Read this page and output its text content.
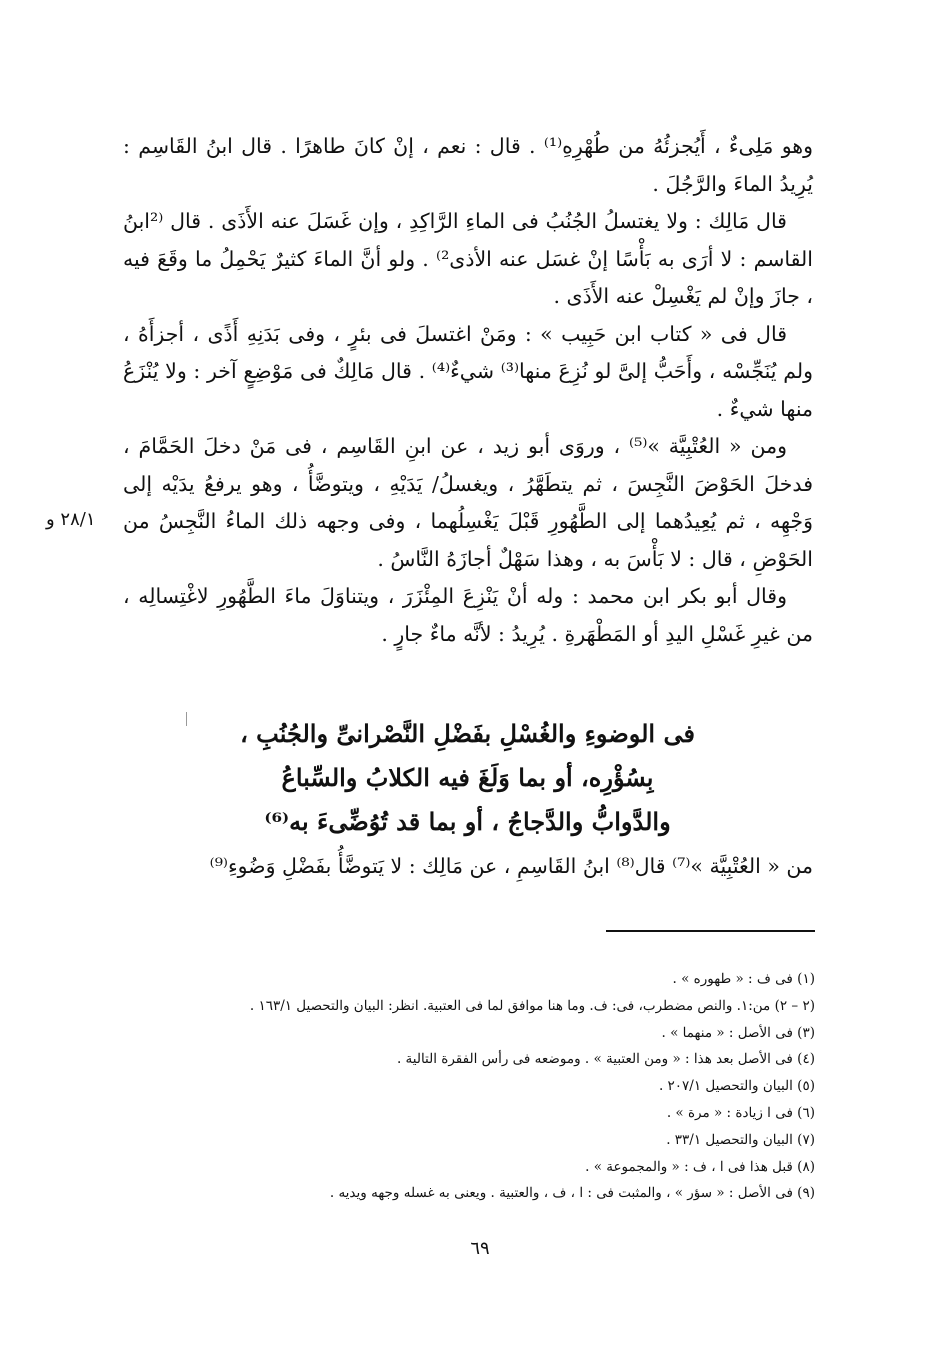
وهو مَلِىءٌ ، أَيُجزئُهُ من طُهْرِهِ⁽¹⁾ . قال : نعم ، إنْ كانَ طاهرًا . قال ابنُ القَاسِم : يُرِيدُ الماءَ والرَّجُلَ .

قال مَالِك : ولا يغتسلُ الجُنُبُ فى الماءِ الرَّاكِدِ ، وإن غَسَلَ عنه الأَذَى . قال ⁽²ابنُ القاسم : لا أرَى به بَأْسًا إنْ غسَل عنه الأذى²⁾ . ولو أنَّ الماءَ كثيرٌ يَحْمِلُ ما وقَعَ فيه ، جازَ وإنْ لم يَغْسِلْ عنه الأَذَى .

قال فى « كتاب ابن حَبِيب » : ومَنْ اغتسلَ فى بئرٍ ، وفى بَدَنِهِ أَذًى ، أجزأَهُ ، ولم يُنَجِّسْه ، وأَحَبُّ إلىَّ لو نُزِعَ منها⁽³⁾ شيءٌ⁽⁴⁾ . قال مَالِكٌ فى مَوْضِعٍ آخر : ولا يُنْزَعُ منها شيءٌ .

ومن « العُتْبِيَّة »⁽⁵⁾ ، وروَى أبو زيد ، عن ابنِ القَاسِم ، فى مَنْ دخلَ الحَمَّامَ ، فدخلَ الحَوْضَ النَّجِسَ ، ثم يتطَهَّرُ ، ويغسلُ/ يَدَيْهِ ، ويتوضَّأُ ، وهو يرفعُ يدَيْه إلى وَجْهِه ، ثم يُعِيدُهما إلى الطَّهُورِ قَبْلَ يَغْسِلُهما ، وفى وجهه ذلك الماءُ النَّجِسُ من الحَوْضِ ، قال : لا بَأْسَ به ، وهذا سَهْلٌ أجازَهُ النَّاسُ .

وقال أبو بكر ابن محمد : وله أنْ يَنْزِعَ المِئْزَرَ ، ويتناوَلَ ماءَ الطَّهُورِ لاغْتِسالِه ، من غيرِ غَسْلِ اليدِ أو المَطْهَرةِ . يُرِيدُ : لأنَّه ماءٌ جارٍ .

٢٨/١ و
فى الوضوءِ والغُسْلِ بفَضْلِ النَّصْرانىِّ والجُنُبِ ،
بِسُؤْرِه، أو بما وَلَغَ فيه الكلابُ والسِّباعُ
والدَّوابُّ والدَّجاجُ ، أو بما قد تُوُضِّىءَ به⁽⁶⁾
من « العُتْبِيَّة »⁽⁷⁾ قال⁽⁸⁾ ابنُ القَاسِمِ ، عن مَالِك : لا يَتوضَّأُ بفَضْلِ وَضُوءِ⁽⁹⁾
(١) فى ف : « طهوره » .
(٢ – ٢) من:١. والنص مضطرب، فى: ف. وما هنا موافق لما فى العتبية. انظر: البيان والتحصيل ١٦٣/١ .
(٣) فى الأصل : « منهما » .
(٤) فى الأصل بعد هذا : « ومن العتبية » . وموضعه فى رأس الفقرة التالية .
(٥) البيان والتحصيل ٢٠٧/١ .
(٦) فى ا زيادة : « مرة » .
(٧) البيان والتحصيل ٣٣/١ .
(٨) قبل هذا فى ا ، ف : « والمجموعة » .
(٩) فى الأصل : « سؤر » ، والمثبت فى : ا ، ف ، والعتبية . ويعنى به غسله وجهه ويديه .
٦٩
